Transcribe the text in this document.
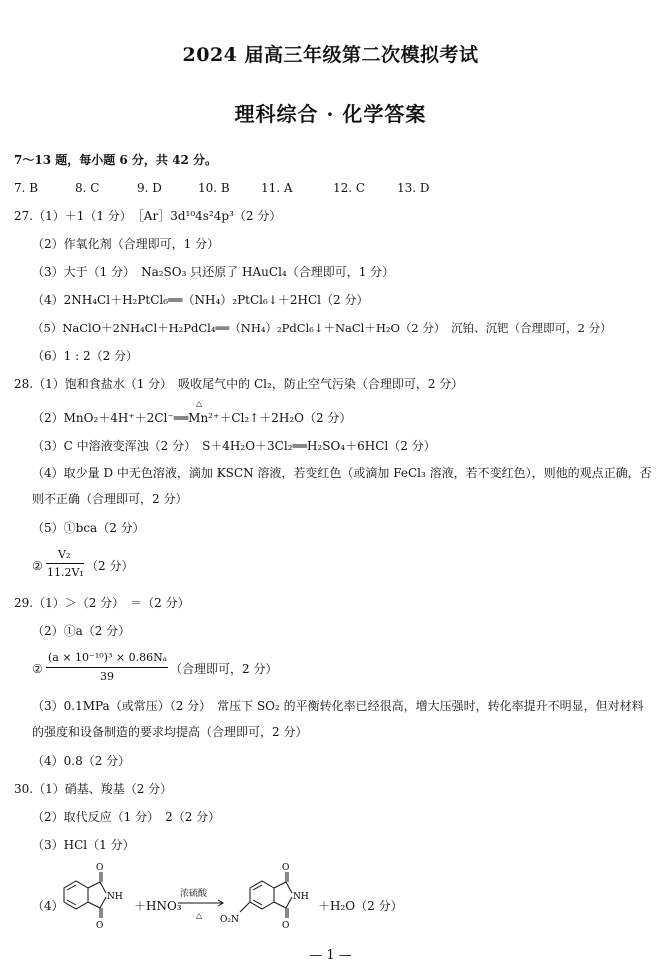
2024 届高三年级第二次模拟考试
理科综合 · 化学答案
7～13 题，每小题 6 分，共 42 分。
7. B	8. C	9. D	10. B	11. A	12. C	13. D
27.（1）＋1（1 分）　［Ar］3d¹⁰4s²4p³（2 分）
（2）作氧化剂（合理即可，1 分）
（3）大于（1 分）　Na₂SO₃ 只还原了 HAuCl₄（合理即可，1 分）
（4）2NH₄Cl＋H₂PtCl₆══（NH₄）₂PtCl₆↓＋2HCl（2 分）
（5）NaClO＋2NH₄Cl＋H₂PdCl₄══（NH₄）₂PdCl₆↓＋NaCl＋H₂O（2 分）　沉铂、沉钯（合理即可，2 分）
（6）1 : 2（2 分）
28.（1）饱和食盐水（1 分）　吸收尾气中的 Cl₂，防止空气污染（合理即可，2 分）
△
（2）MnO₂＋4H⁺＋2Cl⁻══Mn²⁺＋Cl₂↑＋2H₂O（2 分）
（3）C 中溶液变浑浊（2 分）　S＋4H₂O＋3Cl₂══H₂SO₄＋6HCl（2 分）
（4）取少量 D 中无色溶液，滴加 KSCN 溶液，若变红色（或滴加 FeCl₃ 溶液，若不变红色），则他的观点正确，否则不正确（合理即可，2 分）
（5）①bca（2 分）
②
V₂
11.2V₁ （2 分）
29.（1）＞（2 分）　＝（2 分）
（2）①a（2 分）
②
(a × 10⁻¹⁰)³ × 0.86Nₐ
39
（合理即可，2 分）
（3）0.1MPa（或常压）（2 分）　常压下 SO₂ 的平衡转化率已经很高，增大压强时，转化率提升不明显，但对材料的强度和设备制造的要求均提高（合理即可，2 分）
（4）0.8（2 分）
30.（1）硝基、羧基（2 分）
（2）取代反应（1 分）　2（2 分）
（3）HCl（1 分）
（4）
O
NH
O
＋HNO₃
浓硫酸
△
O
NH
O
O₂N
＋H₂O（2 分）
— 1 —
